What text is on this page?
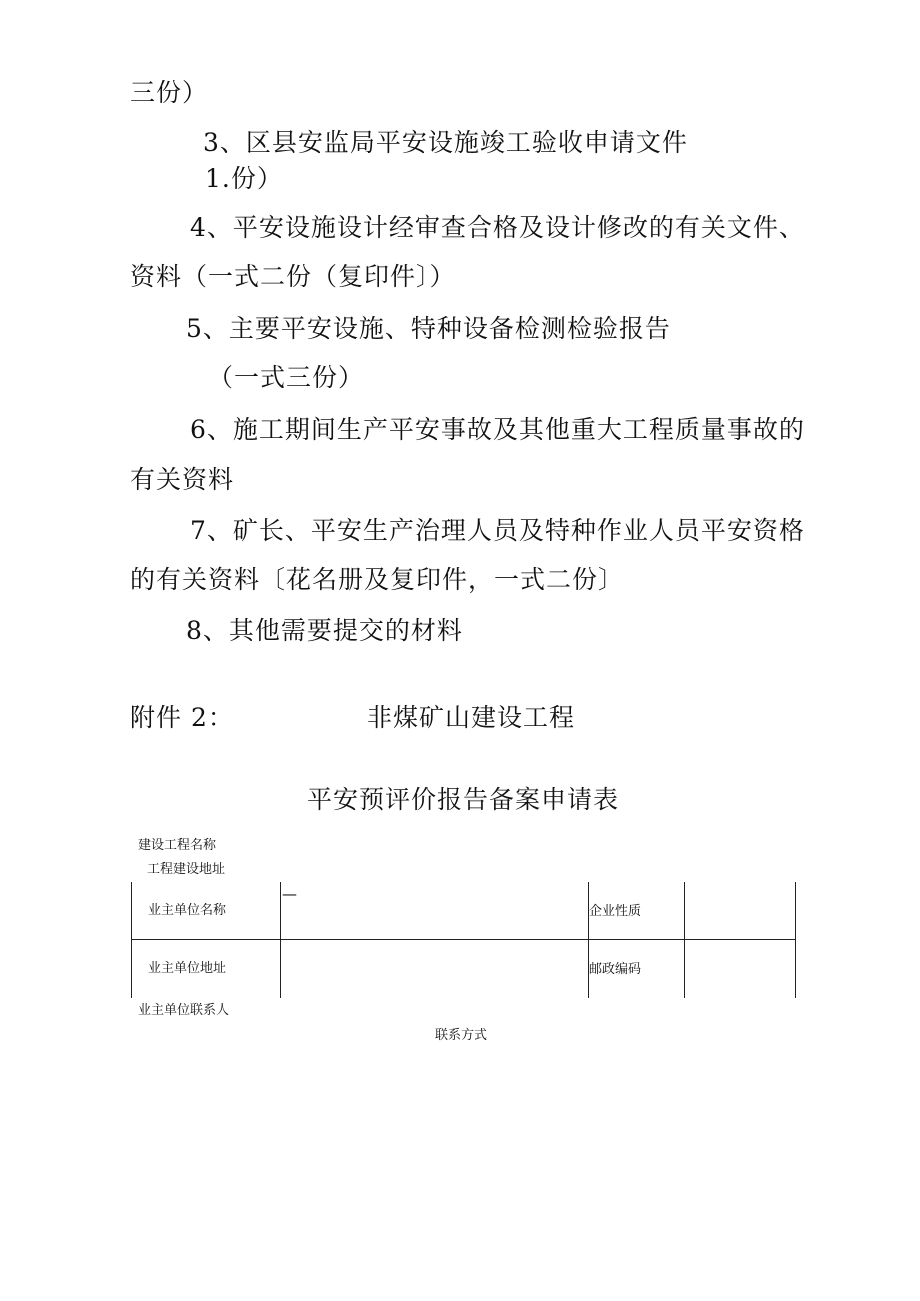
三份）
3、区县安监局平安设施竣工验收申请文件
1.份）
4、平安设施设计经审查合格及设计修改的有关文件、
资料（一式二份（复印件〕）
5、主要平安设施、特种设备检测检验报告
（一式三份）
6、施工期间生产平安事故及其他重大工程质量事故的
有关资料
7、矿长、平安生产治理人员及特种作业人员平安资格
的有关资料〔花名册及复印件，一式二份〕
8、其他需要提交的材料
附件 2：	非煤矿山建设工程
平安预评价报告备案申请表
建设工程名称
工程建设地址
—
业主单位名称	企业性质
业主单位地址	邮政编码
业主单位联系人
联系方式
